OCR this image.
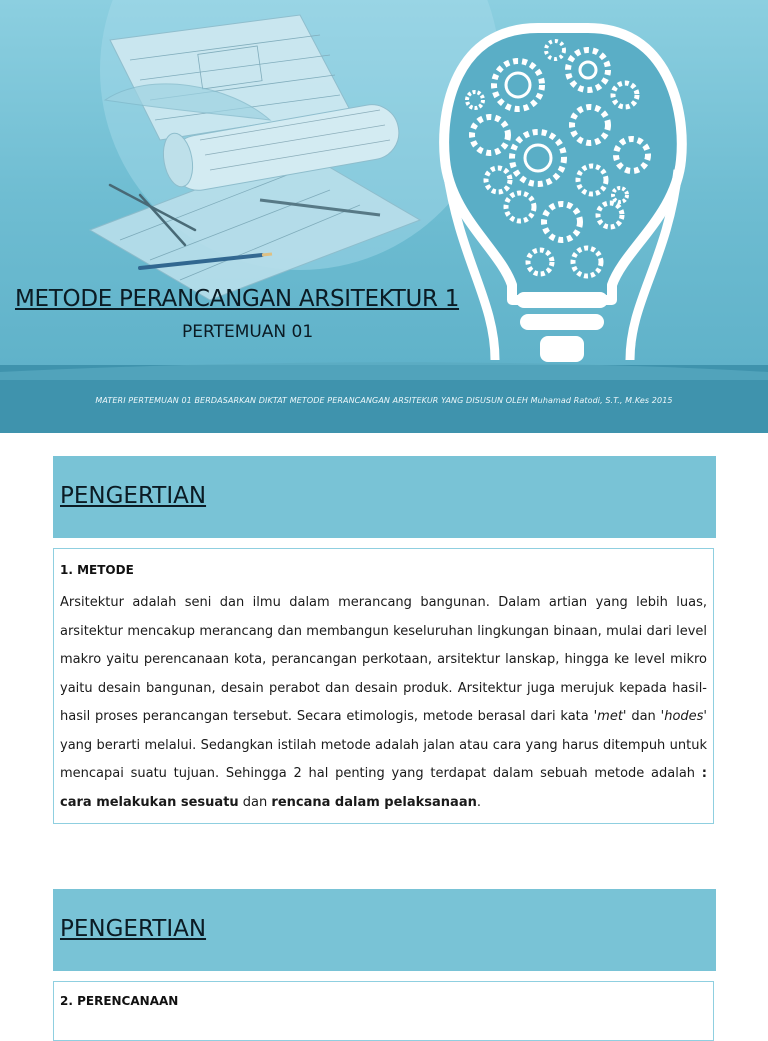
METODE PERANCANGAN ARSITEKTUR 1
PERTEMUAN 01
MATERI PERTEMUAN 01 BERDASARKAN DIKTAT METODE PERANCANGAN ARSITEKUR YANG DISUSUN OLEH Muhamad Ratodi, S.T., M.Kes 2015
PENGERTIAN
1. METODE

Arsitektur adalah seni dan ilmu dalam merancang bangunan. Dalam artian yang lebih luas, arsitektur mencakup merancang dan membangun keseluruhan lingkungan binaan, mulai dari level makro yaitu perencanaan kota, perancangan perkotaan, arsitektur lanskap, hingga ke level mikro yaitu desain bangunan, desain perabot dan desain produk. Arsitektur juga merujuk kepada hasil-hasil proses perancangan tersebut. Secara etimologis, metode berasal dari kata 'met' dan 'hodes' yang berarti melalui. Sedangkan istilah metode adalah jalan atau cara yang harus ditempuh untuk mencapai suatu tujuan. Sehingga 2 hal penting yang terdapat dalam sebuah metode adalah : cara melakukan sesuatu dan rencana dalam pelaksanaan.

PENGERTIAN
2. PERENCANAAN
